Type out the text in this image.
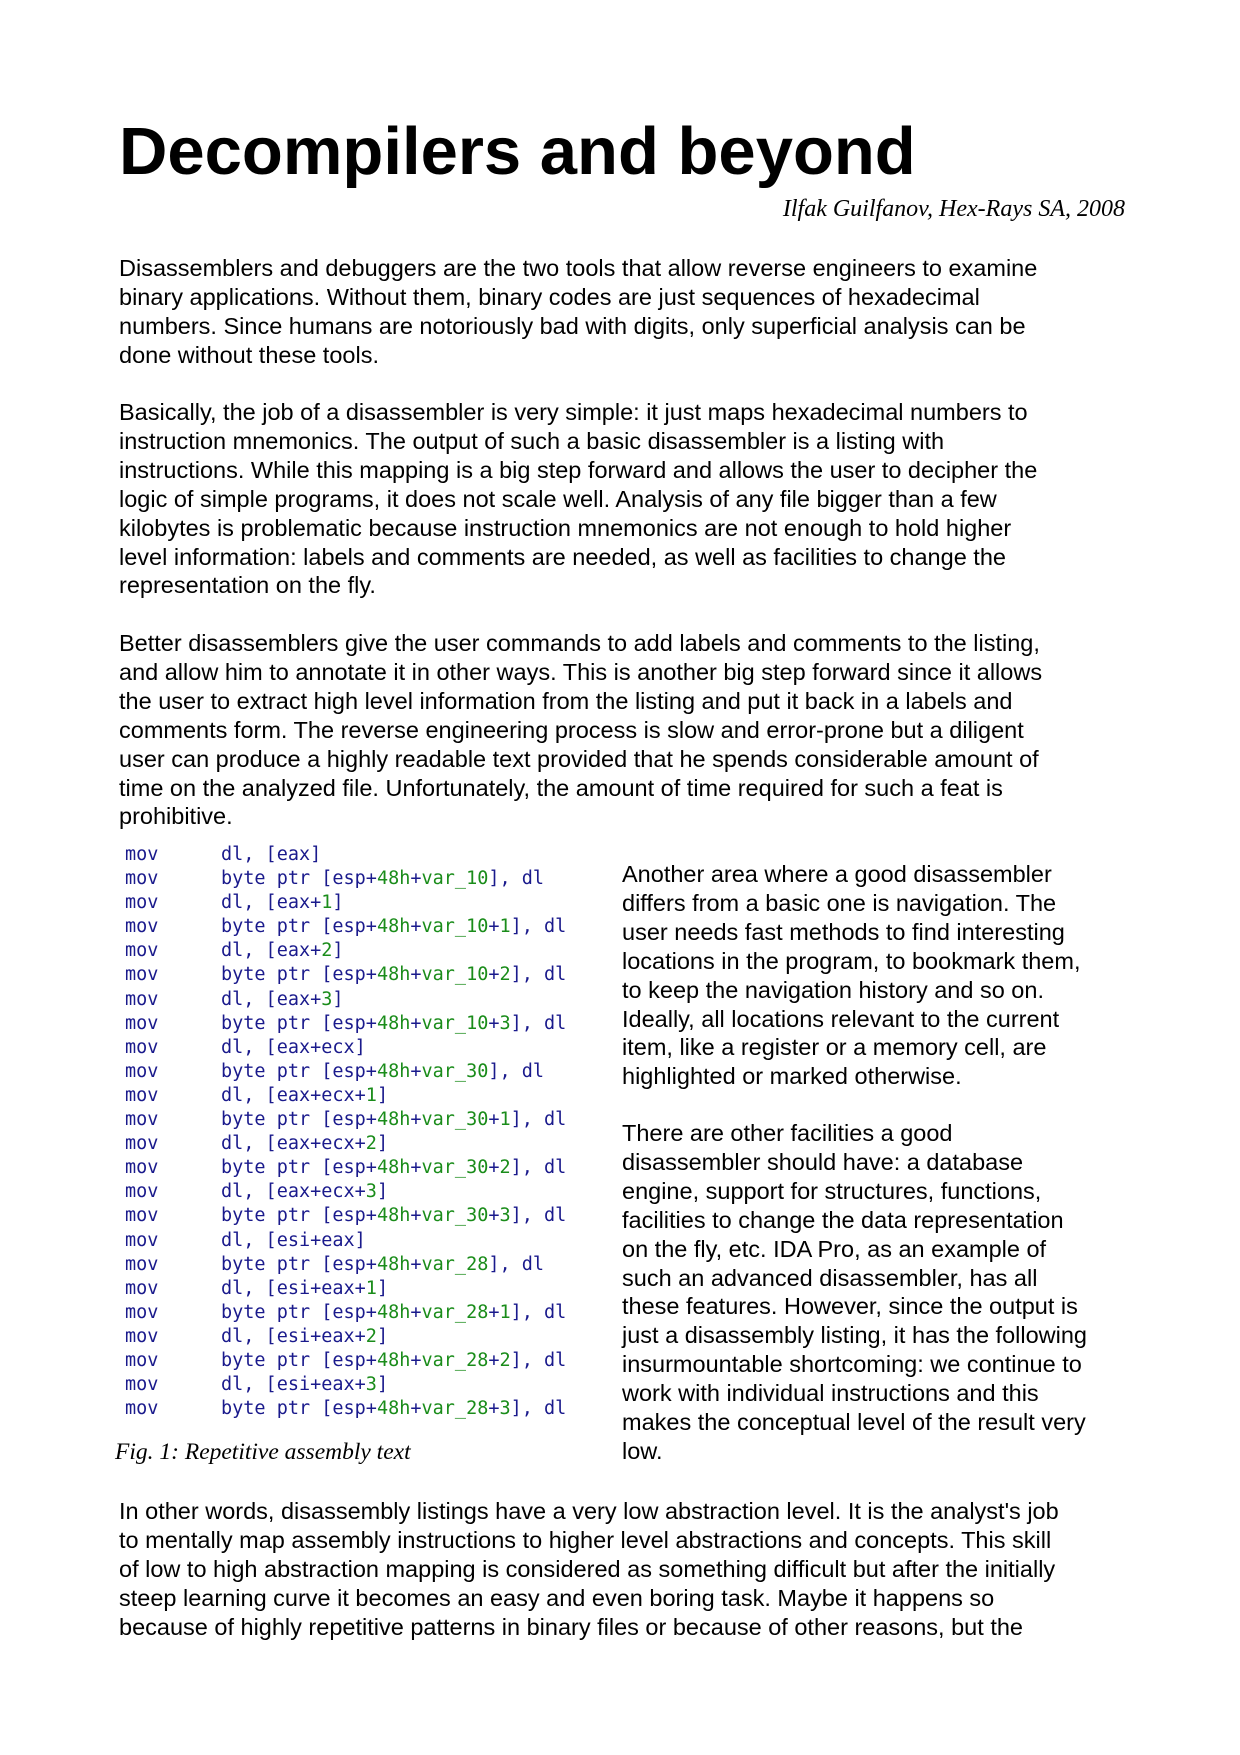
Decompilers and beyond
Ilfak Guilfanov, Hex-Rays SA, 2008

Disassemblers and debuggers are the two tools that allow reverse engineers to examine
binary applications. Without them, binary codes are just sequences of hexadecimal
numbers. Since humans are notoriously bad with digits, only superficial analysis can be
done without these tools.

Basically, the job of a disassembler is very simple: it just maps hexadecimal numbers to
instruction mnemonics. The output of such a basic disassembler is a listing with
instructions. While this mapping is a big step forward and allows the user to decipher the
logic of simple programs, it does not scale well. Analysis of any file bigger than a few
kilobytes is problematic because instruction mnemonics are not enough to hold higher
level information: labels and comments are needed, as well as facilities to change the
representation on the fly.

Better disassemblers give the user commands to add labels and comments to the listing,
and allow him to annotate it in other ways. This is another big step forward since it allows
the user to extract high level information from the listing and put it back in a labels and
comments form. The reverse engineering process is slow and error-prone but a diligent
user can produce a highly readable text provided that he spends considerable amount of
time on the analyzed file. Unfortunately, the amount of time required for such a feat is
prohibitive.

mov	dl, [eax]
mov	byte ptr [esp+48h+var_10], dl
mov	dl, [eax+1]
mov	byte ptr [esp+48h+var_10+1], dl
mov	dl, [eax+2]
mov	byte ptr [esp+48h+var_10+2], dl
mov	dl, [eax+3]
mov	byte ptr [esp+48h+var_10+3], dl
mov	dl, [eax+ecx]
mov	byte ptr [esp+48h+var_30], dl
mov	dl, [eax+ecx+1]
mov	byte ptr [esp+48h+var_30+1], dl
mov	dl, [eax+ecx+2]
mov	byte ptr [esp+48h+var_30+2], dl
mov	dl, [eax+ecx+3]
mov	byte ptr [esp+48h+var_30+3], dl
mov	dl, [esi+eax]
mov	byte ptr [esp+48h+var_28], dl
mov	dl, [esi+eax+1]
mov	byte ptr [esp+48h+var_28+1], dl
mov	dl, [esi+eax+2]
mov	byte ptr [esp+48h+var_28+2], dl
mov	dl, [esi+eax+3]
mov	byte ptr [esp+48h+var_28+3], dl
Fig. 1: Repetitive assembly text

Another area where a good disassembler
differs from a basic one is navigation. The
user needs fast methods to find interesting
locations in the program, to bookmark them,
to keep the navigation history and so on.
Ideally, all locations relevant to the current
item, like a register or a memory cell, are
highlighted or marked otherwise.

There are other facilities a good
disassembler should have: a database
engine, support for structures, functions,
facilities to change the data representation
on the fly, etc. IDA Pro, as an example of
such an advanced disassembler, has all
these features. However, since the output is
just a disassembly listing, it has the following
insurmountable shortcoming: we continue to
work with individual instructions and this
makes the conceptual level of the result very
low.

In other words, disassembly listings have a very low abstraction level. It is the analyst's job
to mentally map assembly instructions to higher level abstractions and concepts. This skill
of low to high abstraction mapping is considered as something difficult but after the initially
steep learning curve it becomes an easy and even boring task. Maybe it happens so
because of highly repetitive patterns in binary files or because of other reasons, but the
